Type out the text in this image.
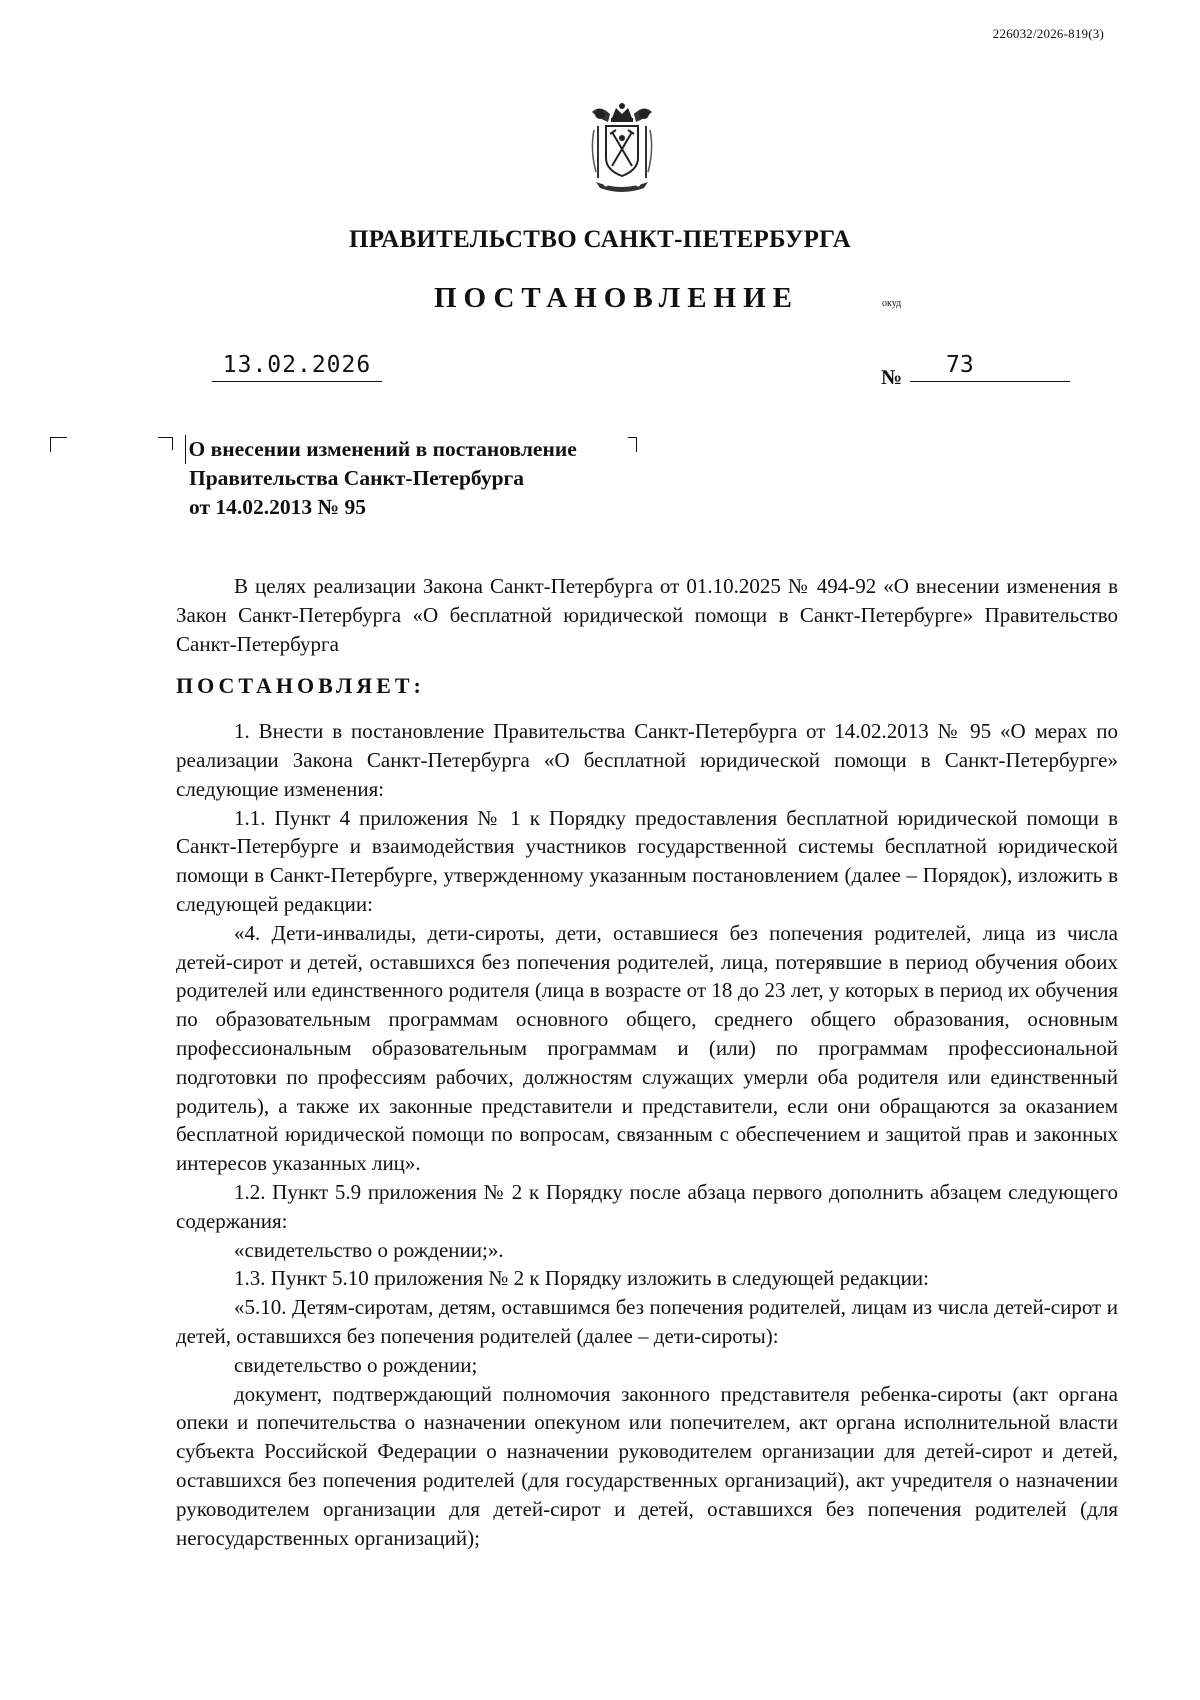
226032/2026-819(3)
ПРАВИТЕЛЬСТВО САНКТ-ПЕТЕРБУРГА
ПОСТАНОВЛЕНИЕ	окуд
13.02.2026	№	73
О внесении изменений в постановление
Правительства Санкт-Петербурга
от 14.02.2013 № 95

В целях реализации Закона Санкт-Петербурга от 01.10.2025 № 494-92 «О внесении изменения в Закон Санкт-Петербурга «О бесплатной юридической помощи в Санкт-Петербурге» Правительство Санкт-Петербурга

ПОСТАНОВЛЯЕТ:

1. Внести в постановление Правительства Санкт-Петербурга от 14.02.2013 № 95 «О мерах по реализации Закона Санкт-Петербурга «О бесплатной юридической помощи в Санкт-Петербурге» следующие изменения:

1.1. Пункт 4 приложения № 1 к Порядку предоставления бесплатной юридической помощи в Санкт-Петербурге и взаимодействия участников государственной системы бесплатной юридической помощи в Санкт-Петербурге, утвержденному указанным постановлением (далее – Порядок), изложить в следующей редакции:

«4. Дети-инвалиды, дети-сироты, дети, оставшиеся без попечения родителей, лица из числа детей-сирот и детей, оставшихся без попечения родителей, лица, потерявшие в период обучения обоих родителей или единственного родителя (лица в возрасте от 18 до 23 лет, у которых в период их обучения по образовательным программам основного общего, среднего общего образования, основным профессиональным образовательным программам и (или) по программам профессиональной подготовки по профессиям рабочих, должностям служащих умерли оба родителя или единственный родитель), а также их законные представители и представители, если они обращаются за оказанием бесплатной юридической помощи по вопросам, связанным с обеспечением и защитой прав и законных интересов указанных лиц».

1.2. Пункт 5.9 приложения № 2 к Порядку после абзаца первого дополнить абзацем следующего содержания:

«свидетельство о рождении;».

1.3. Пункт 5.10 приложения № 2 к Порядку изложить в следующей редакции:

«5.10. Детям-сиротам, детям, оставшимся без попечения родителей, лицам из числа детей-сирот и детей, оставшихся без попечения родителей (далее – дети-сироты):

свидетельство о рождении;

документ, подтверждающий полномочия законного представителя ребенка-сироты (акт органа опеки и попечительства о назначении опекуном или попечителем, акт органа исполнительной власти субъекта Российской Федерации о назначении руководителем организации для детей-сирот и детей, оставшихся без попечения родителей (для государственных организаций), акт учредителя о назначении руководителем организации для детей-сирот и детей, оставшихся без попечения родителей (для негосударственных организаций);
